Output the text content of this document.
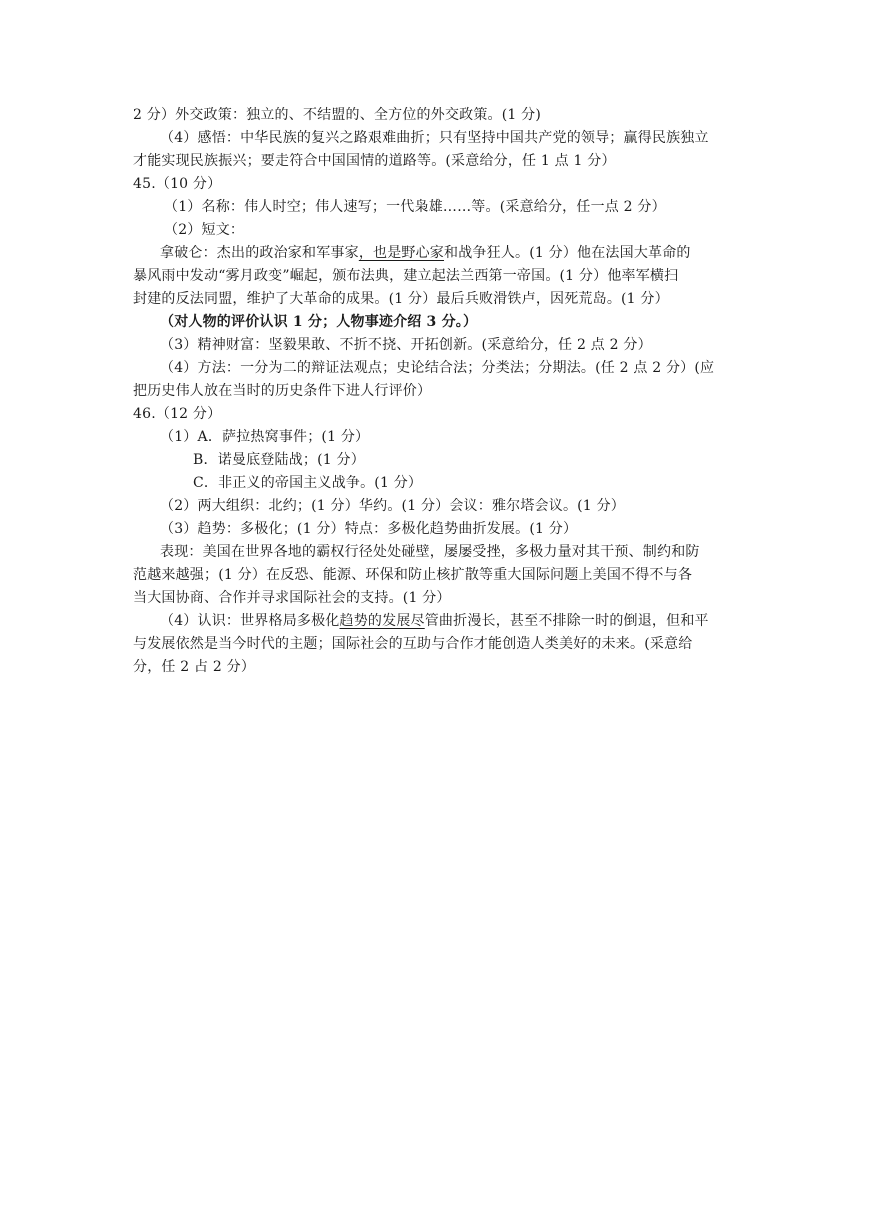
2 分）外交政策：独立的、不结盟的、全方位的外交政策。(1 分)
（4）感悟：中华民族的复兴之路艰难曲折；只有坚持中国共产党的领导；赢得民族独立
才能实现民族振兴；要走符合中国国情的道路等。(采意给分，任 1 点 1 分）
45.（10 分）
（1）名称：伟人时空；伟人速写；一代枭雄……等。(采意给分，任一点 2 分）
（2）短文：
拿破仑：杰出的政治家和军事家，也是野心家和战争狂人。(1 分）他在法国大革命的
暴风雨中发动“雾月政变”崛起，颁布法典，建立起法兰西第一帝国。(1 分）他率军横扫
封建的反法同盟，维护了大革命的成果。(1 分）最后兵败滑铁卢，因死荒岛。(1 分）
（对人物的评价认识 1 分；人物事迹介绍 3 分。）
（3）精神财富：坚毅果敢、不折不挠、开拓创新。(采意给分，任 2 点 2 分）
（4）方法：一分为二的辩证法观点；史论结合法；分类法；分期法。(任 2 点 2 分）(应
把历史伟人放在当时的历史条件下进人行评价）
46.（12 分）
（1）A．萨拉热窝事件；(1 分）
B．诺曼底登陆战；(1 分）
C．非正义的帝国主义战争。(1 分）
（2）两大组织：北约；(1 分）华约。(1 分）会议：雅尔塔会议。(1 分）
（3）趋势：多极化；(1 分）特点：多极化趋势曲折发展。(1 分）
表现：美国在世界各地的霸权行径处处碰壁，屡屡受挫，多极力量对其干预、制约和防
范越来越强；(1 分）在反恐、能源、环保和防止核扩散等重大国际问题上美国不得不与各
当大国协商、合作并寻求国际社会的支持。(1 分）
（4）认识：世界格局多极化趋势的发展尽管曲折漫长，甚至不排除一时的倒退，但和平
与发展依然是当今时代的主题；国际社会的互助与合作才能创造人类美好的未来。(采意给
分，任 2 占 2 分）
